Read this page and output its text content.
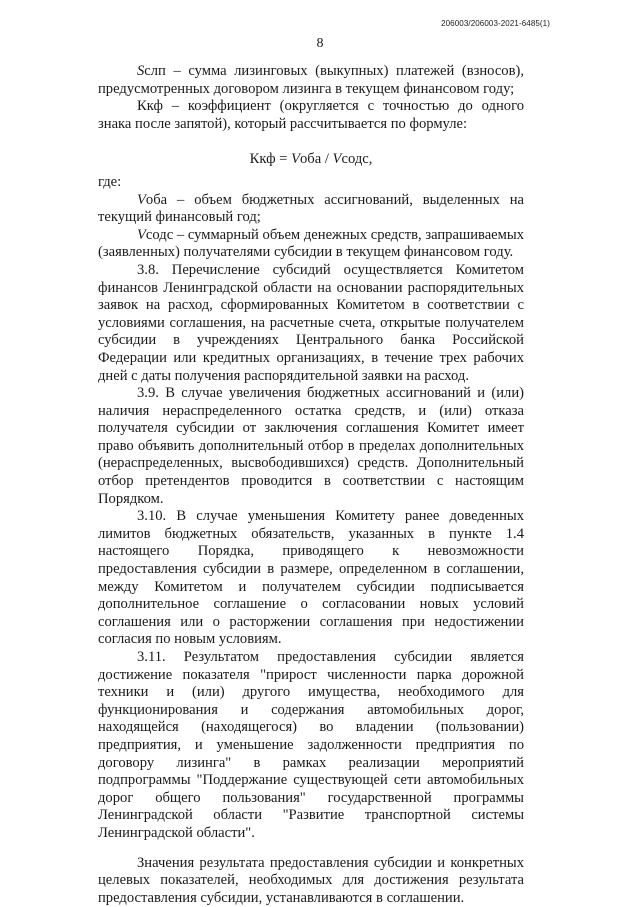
206003/206003-2021-6485(1)
8

Sслп – сумма лизинговых (выкупных) платежей (взносов), предусмотренных договором лизинга в текущем финансовом году;

Ккф – коэффициент (округляется с точностью до одного знака после запятой), который рассчитывается по формуле:

Ккф = Vоба / Vсодс,

где:

Vоба – объем бюджетных ассигнований, выделенных на текущий финансовый год;

Vсодс – суммарный объем денежных средств, запрашиваемых (заявленных) получателями субсидии в текущем финансовом году.

3.8. Перечисление субсидий осуществляется Комитетом финансов Ленинградской области на основании распорядительных заявок на расход, сформированных Комитетом в соответствии с условиями соглашения, на расчетные счета, открытые получателем субсидии в учреждениях Центрального банка Российской Федерации или кредитных организациях, в течение трех рабочих дней с даты получения распорядительной заявки на расход.

3.9. В случае увеличения бюджетных ассигнований и (или) наличия нераспределенного остатка средств, и (или) отказа получателя субсидии от заключения соглашения Комитет имеет право объявить дополнительный отбор в пределах дополнительных (нераспределенных, высвободившихся) средств. Дополнительный отбор претендентов проводится в соответствии с настоящим Порядком.

3.10. В случае уменьшения Комитету ранее доведенных лимитов бюджетных обязательств, указанных в пункте 1.4 настоящего Порядка, приводящего к невозможности предоставления субсидии в размере, определенном в соглашении, между Комитетом и получателем субсидии подписывается дополнительное соглашение о согласовании новых условий соглашения или о расторжении соглашения при недостижении согласия по новым условиям.

3.11. Результатом предоставления субсидии является достижение показателя "прирост численности парка дорожной техники и (или) другого имущества, необходимого для функционирования и содержания автомобильных дорог, находящейся (находящегося) во владении (пользовании) предприятия, и уменьшение задолженности предприятия по договору лизинга" в рамках реализации мероприятий подпрограммы "Поддержание существующей сети автомобильных дорог общего пользования" государственной программы Ленинградской области "Развитие транспортной системы Ленинградской области".

Значения результата предоставления субсидии и конкретных целевых показателей, необходимых для достижения результата предоставления субсидии, устанавливаются в соглашении.
